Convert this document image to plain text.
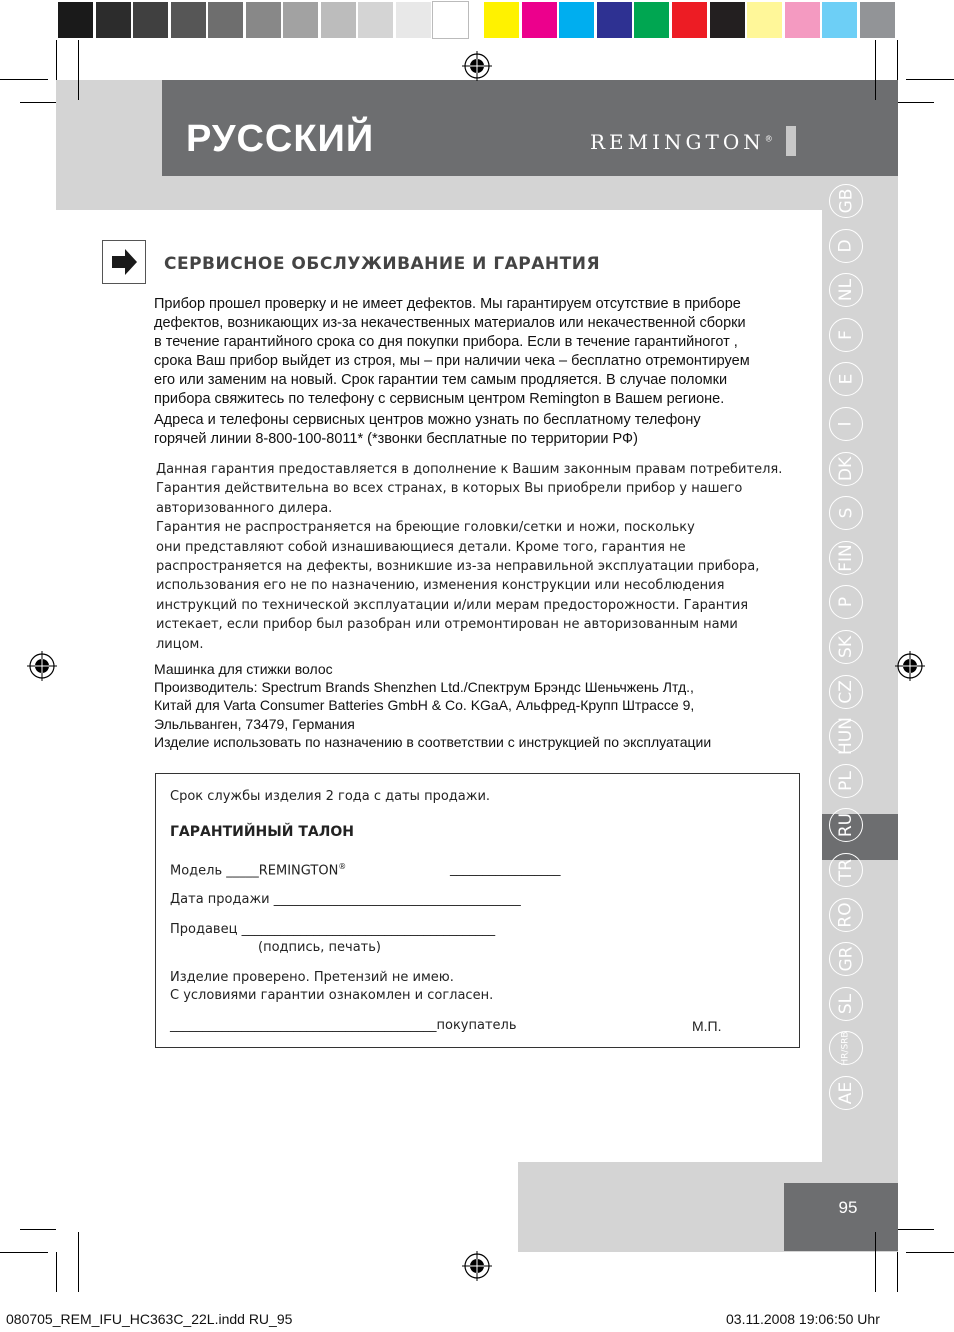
РУССКИЙ	REMINGTON®
GB
D
NL
F
E
I
DK
S
FIN
P
SK
CZ
HUN
PL
RU
TR
RO
GR
SL
HR/SRB
AE
СЕРВИСНОЕ ОБСЛУЖИВАНИЕ И ГАРАНТИЯ
Прибор прошел проверку и не имеет дефектов. Мы гарантируем отсутствие в приборе
дефектов, возникающих из-за некачественных материалов или некачественной сборки
в течение гарантийного срока со дня покупки прибора. Если в течение гарантийногот ,
срока Ваш прибор выйдет из строя, мы – при наличии чека – бесплатно отремонтируем
его или заменим на новый. Срок гарантии тем самым продляется. В случае поломки
прибора свяжитесь по телефону с сервисным центром Remington в Вашем регионе.
Адреса и телефоны сервисных центров можно узнать по бесплатному телефону
горячей линии 8-800-100-8011* (*звонки бесплатные по территории РФ)
Данная гарантия предоставляется в дополнение к Вашим законным правам потребителя.
Гарантия действительна во всех странах, в которых Вы приобрели прибор у нашего
авторизованного дилера.
Гарантия не распространяется на бреющие головки/сетки и ножи, поскольку
они представляют собой изнашивающиеся детали. Кроме того, гарантия не
распространяется на дефекты, возникшие из-за неправильной эксплуатации прибора,
использования его не по назначению, изменения конструкции или несоблюдения
инструкций по технической эксплуатации и/или мерам предосторожности. Гарантия
истекает, если прибор был разобран или отремонтирован не авторизованным нами
лицом.
Машинка для стижки волос
Производитель: Spectrum Brands Shenzhen Ltd./Спектрум Брэндс Шеньчжень Лтд.,
Китай для Varta Consumer Batteries GmbH & Co. KGaA, Альфред-Крупп Штрассе 9,
Эльльванген, 73479, Германия
Изделие использовать по назначению в соответствии с инструкцией по эксплуатации
Срок службы изделия 2 года с даты продажи.
ГАРАНТИЙНЫЙ ТАЛОН
Модель _____REMINGTON®	_________________
Дата продажи ______________________________________
Продавец _______________________________________
(подпись, печать)
Изделие проверено. Претензий не имею.
С условиями гарантии ознакомлен и согласен.
_________________________________________покупатель	М.П.
95
080705_REM_IFU_HC363C_22L.indd RU_95	03.11.2008 19:06:50 Uhr
